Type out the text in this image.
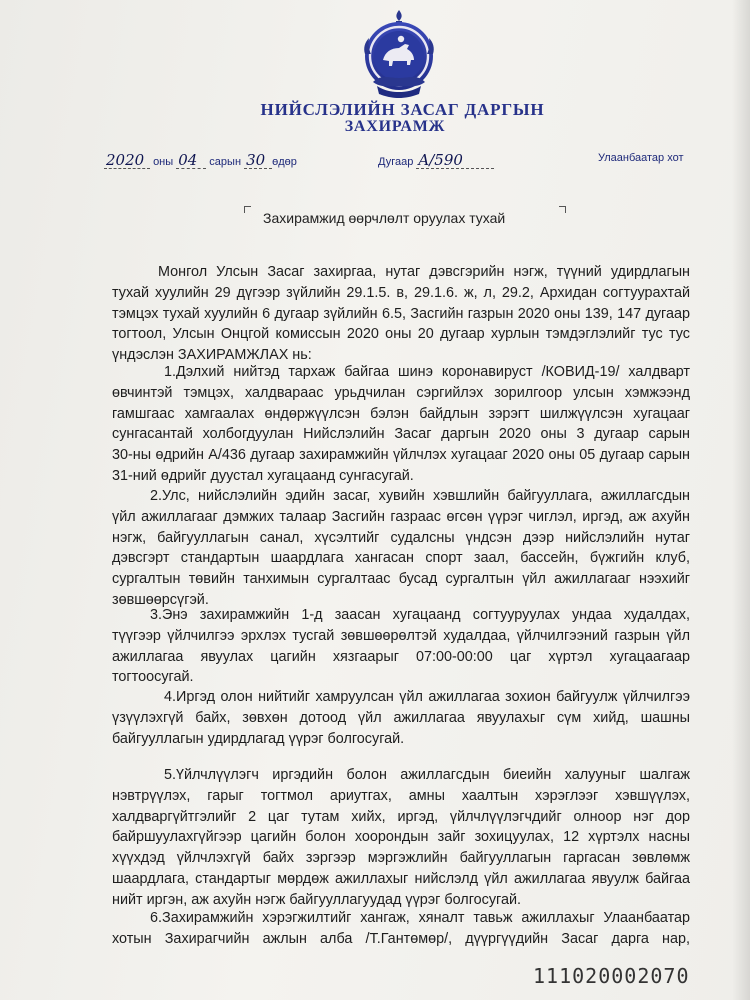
НИЙСЛЭЛИЙН ЗАСАГ ДАРГЫН
ЗАХИРАМЖ
2020 оны 04 сарын 30 өдөр	Дугаар A/590	Улаанбаатар хот
Захирамжид өөрчлөлт оруулах тухай
Монгол Улсын Засаг захиргаа, нутаг дэвсгэрийн нэгж, түүний удирдлагын
тухай хуулийн 29 дүгээр зүйлийн 29.1.5. в, 29.1.6. ж, л, 29.2, Архидан согтуурахтай
тэмцэх тухай хуулийн 6 дугаар зүйлийн 6.5, Засгийн газрын 2020 оны 139, 147 дугаар
тогтоол, Улсын Онцгой комиссын 2020 оны 20 дугаар хурлын тэмдэглэлийг тус тус
үндэслэн ЗАХИРАМЖЛАХ нь:
1.Дэлхий нийтэд тархаж байгаа шинэ коронавируст /КОВИД-19/ халдварт
өвчинтэй тэмцэх, халдвараас урьдчилан сэргийлэх зорилгоор улсын хэмжээнд
гамшгаас хамгаалах өндөржүүлсэн бэлэн байдлын зэрэгт шилжүүлсэн хугацааг
сунгасантай холбогдуулан Нийслэлийн Засаг даргын 2020 оны 3 дугаар сарын
30-ны өдрийн А/436 дугаар захирамжийн үйлчлэх хугацааг 2020 оны 05 дугаар сарын
31-ний өдрийг дуустал хугацаанд сунгасугай.
2.Улс, нийслэлийн эдийн засаг, хувийн хэвшлийн байгууллага, ажиллагсдын
үйл ажиллагааг дэмжих талаар Засгийн газраас өгсөн үүрэг чиглэл, иргэд, аж ахуйн
нэгж, байгууллагын санал, хүсэлтийг судалсны үндсэн дээр нийслэлийн нутаг
дэвсгэрт стандартын шаардлага хангасан спорт заал, бассейн, бүжгийн клуб,
сургалтын төвийн танхимын сургалтаас бусад сургалтын үйл ажиллагааг нээхийг
зөвшөөрсүгэй.
3.Энэ захирамжийн 1-д заасан хугацаанд согтууруулах ундаа худалдах,
түүгээр үйлчилгээ эрхлэх тусгай зөвшөөрөлтэй худалдаа, үйлчилгээний газрын үйл
ажиллагаа явуулах цагийн хязгаарыг 07:00-00:00 цаг хүртэл хугацаагаар
тогтоосугай.
4.Иргэд олон нийтийг хамруулсан үйл ажиллагаа зохион байгуулж үйлчилгээ
үзүүлэхгүй байх, зөвхөн дотоод үйл ажиллагаа явуулахыг сүм хийд, шашны
байгууллагын удирдлагад үүрэг болгосугай.
5.Үйлчлүүлэгч иргэдийн болон ажиллагсдын биеийн халууныг шалгаж
нэвтрүүлэх, гарыг тогтмол ариутгах, амны хаалтын хэрэглээг хэвшүүлэх,
халдваргүйтгэлийг 2 цаг тутам хийх, иргэд, үйлчлүүлэгчдийг олноор нэг дор
байршуулахгүйгээр цагийн болон хоорондын зайг зохицуулах, 12 хүртэлх насны
хүүхдэд үйлчлэхгүй байх зэргээр мэргэжлийн байгууллагын гаргасан зөвлөмж
шаардлага, стандартыг мөрдөж ажиллахыг нийслэлд үйл ажиллагаа явуулж байгаа
нийт иргэн, аж ахуйн нэгж байгууллагуудад үүрэг болгосугай.
6.Захирамжийн хэрэгжилтийг хангаж, хяналт тавьж ажиллахыг Улаанбаатар
хотын Захирагчийн ажлын алба /Т.Гантөмөр/, дүүргүүдийн Засаг дарга нар,
111020002070
